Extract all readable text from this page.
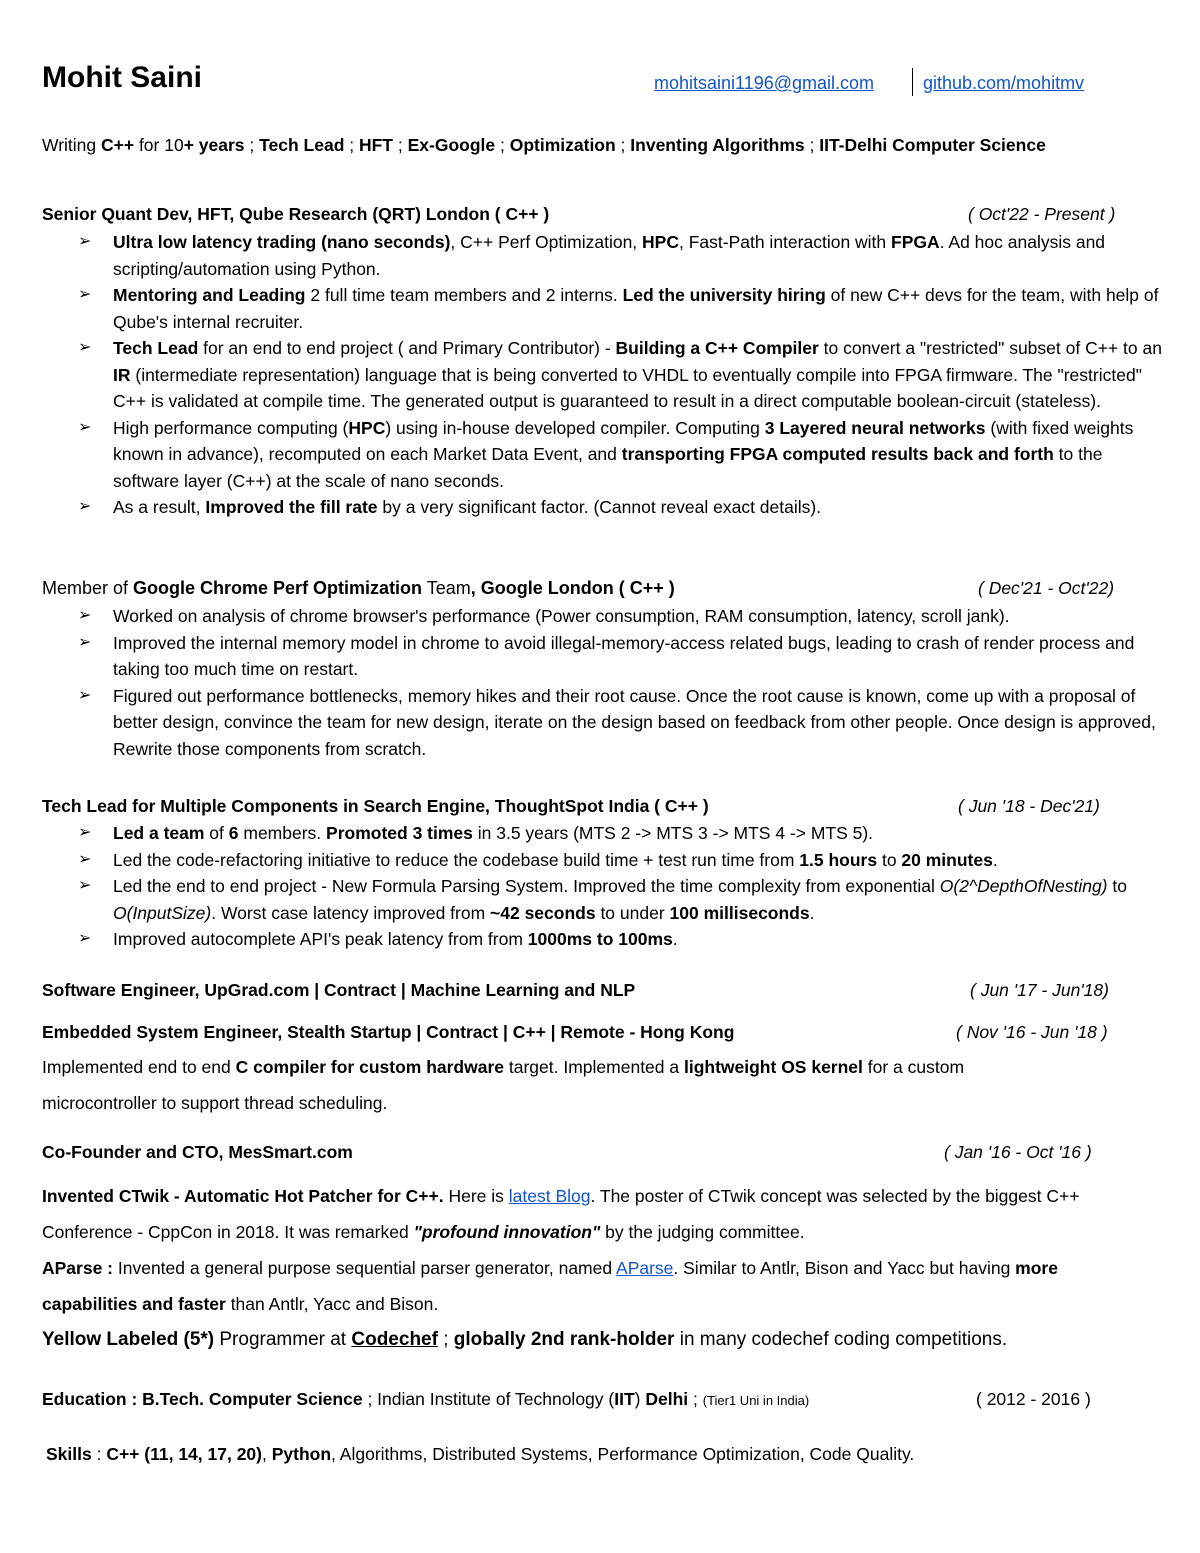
Mohit Saini	mohitsaini1196@gmail.com	github.com/mohitmv
Writing C++ for 10+ years ; Tech Lead ; HFT ; Ex-Google ; Optimization ; Inventing Algorithms ; IIT-Delhi Computer Science
Senior Quant Dev, HFT, Qube Research (QRT) London ( C++ )	( Oct'22 - Present )
➢ Ultra low latency trading (nano seconds), C++ Perf Optimization, HPC, Fast-Path interaction with FPGA. Ad hoc analysis and scripting/automation using Python.
➢ Mentoring and Leading 2 full time team members and 2 interns. Led the university hiring of new C++ devs for the team, with help of Qube's internal recruiter.
➢ Tech Lead for an end to end project ( and Primary Contributor) - Building a C++ Compiler to convert a "restricted" subset of C++ to an IR (intermediate representation) language that is being converted to VHDL to eventually compile into FPGA firmware. The "restricted" C++ is validated at compile time. The generated output is guaranteed to result in a direct computable boolean-circuit (stateless).
➢ High performance computing (HPC) using in-house developed compiler. Computing 3 Layered neural networks (with fixed weights known in advance), recomputed on each Market Data Event, and transporting FPGA computed results back and forth to the software layer (C++) at the scale of nano seconds.
➢ As a result, Improved the fill rate by a very significant factor. (Cannot reveal exact details).
Member of Google Chrome Perf Optimization Team, Google London ( C++ )	( Dec'21 - Oct'22)
➢ Worked on analysis of chrome browser's performance (Power consumption, RAM consumption, latency, scroll jank).
➢ Improved the internal memory model in chrome to avoid illegal-memory-access related bugs, leading to crash of render process and taking too much time on restart.
➢ Figured out performance bottlenecks, memory hikes and their root cause. Once the root cause is known, come up with a proposal of better design, convince the team for new design, iterate on the design based on feedback from other people. Once design is approved, Rewrite those components from scratch.
Tech Lead for Multiple Components in Search Engine, ThoughtSpot India ( C++ )	( Jun '18 - Dec'21)
➢ Led a team of 6 members. Promoted 3 times in 3.5 years (MTS 2 -> MTS 3 -> MTS 4 -> MTS 5).
➢ Led the code-refactoring initiative to reduce the codebase build time + test run time from 1.5 hours to 20 minutes.
➢ Led the end to end project - New Formula Parsing System. Improved the time complexity from exponential O(2^DepthOfNesting) to O(InputSize). Worst case latency improved from ~42 seconds to under 100 milliseconds.
➢ Improved autocomplete API's peak latency from from 1000ms to 100ms.
Software Engineer, UpGrad.com | Contract | Machine Learning and NLP	( Jun '17 - Jun'18)
Embedded System Engineer, Stealth Startup | Contract | C++ | Remote - Hong Kong	( Nov '16 - Jun '18 )
Implemented end to end C compiler for custom hardware target. Implemented a lightweight OS kernel for a custom microcontroller to support thread scheduling.
Co-Founder and CTO, MesSmart.com	( Jan '16 - Oct '16 )
Invented CTwik - Automatic Hot Patcher for C++. Here is latest Blog. The poster of CTwik concept was selected by the biggest C++ Conference - CppCon in 2018. It was remarked "profound innovation" by the judging committee.
AParse : Invented a general purpose sequential parser generator, named AParse. Similar to Antlr, Bison and Yacc but having more capabilities and faster than Antlr, Yacc and Bison.
Yellow Labeled (5*) Programmer at Codechef ; globally 2nd rank-holder in many codechef coding competitions.
Education : B.Tech. Computer Science ; Indian Institute of Technology (IIT) Delhi ; (Tier1 Uni in India)	( 2012 - 2016 )
Skills : C++ (11, 14, 17, 20), Python, Algorithms, Distributed Systems, Performance Optimization, Code Quality.
